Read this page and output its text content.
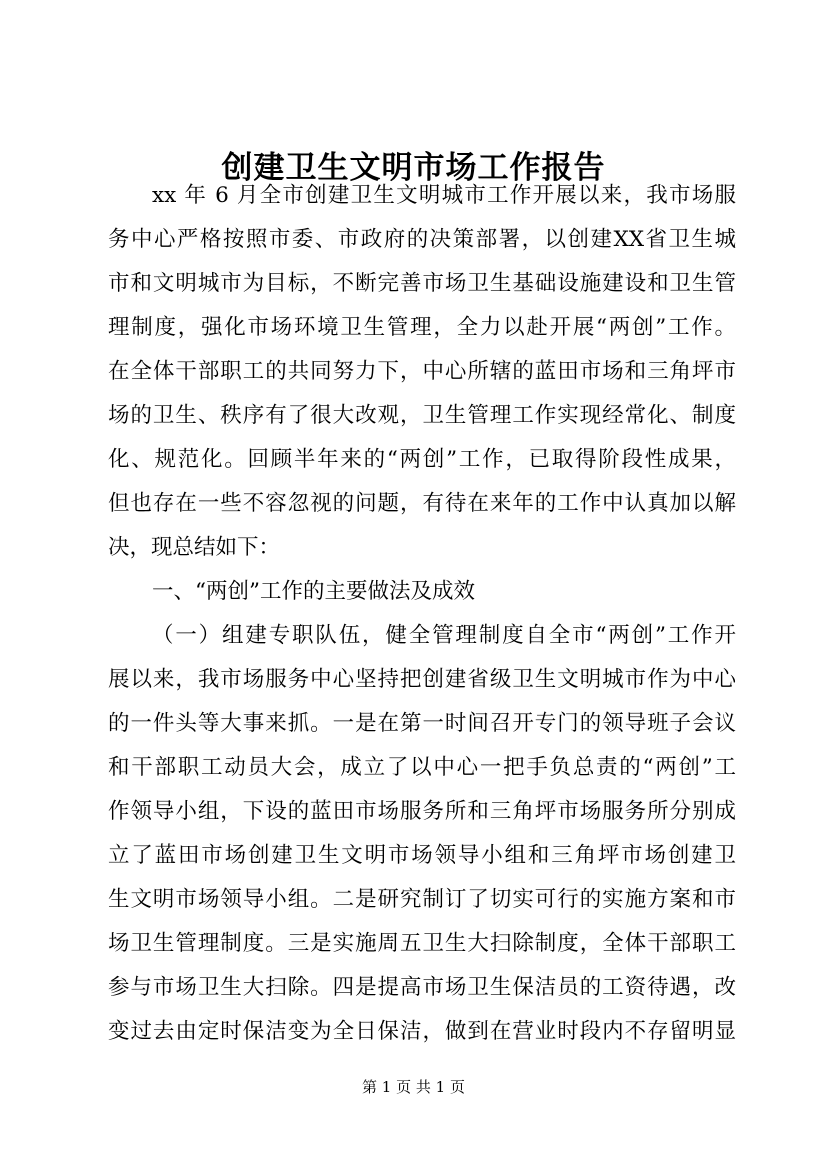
创建卫生文明市场工作报告
xx 年 6 月全市创建卫生文明城市工作开展以来，我市场服
务中心严格按照市委、市政府的决策部署，以创建XX省卫生城
市和文明城市为目标，不断完善市场卫生基础设施建设和卫生管
理制度，强化市场环境卫生管理，全力以赴开展“两创”工作。
在全体干部职工的共同努力下，中心所辖的蓝田市场和三角坪市
场的卫生、秩序有了很大改观，卫生管理工作实现经常化、制度
化、规范化。回顾半年来的“两创”工作，已取得阶段性成果，
但也存在一些不容忽视的问题，有待在来年的工作中认真加以解
决，现总结如下：
一、“两创”工作的主要做法及成效
（一）组建专职队伍，健全管理制度自全市“两创”工作开
展以来，我市场服务中心坚持把创建省级卫生文明城市作为中心
的一件头等大事来抓。一是在第一时间召开专门的领导班子会议
和干部职工动员大会，成立了以中心一把手负总责的“两创”工
作领导小组，下设的蓝田市场服务所和三角坪市场服务所分别成
立了蓝田市场创建卫生文明市场领导小组和三角坪市场创建卫
生文明市场领导小组。二是研究制订了切实可行的实施方案和市
场卫生管理制度。三是实施周五卫生大扫除制度，全体干部职工
参与市场卫生大扫除。四是提高市场卫生保洁员的工资待遇，改
变过去由定时保洁变为全日保洁，做到在营业时段内不存留明显
第 1 页 共 1 页
